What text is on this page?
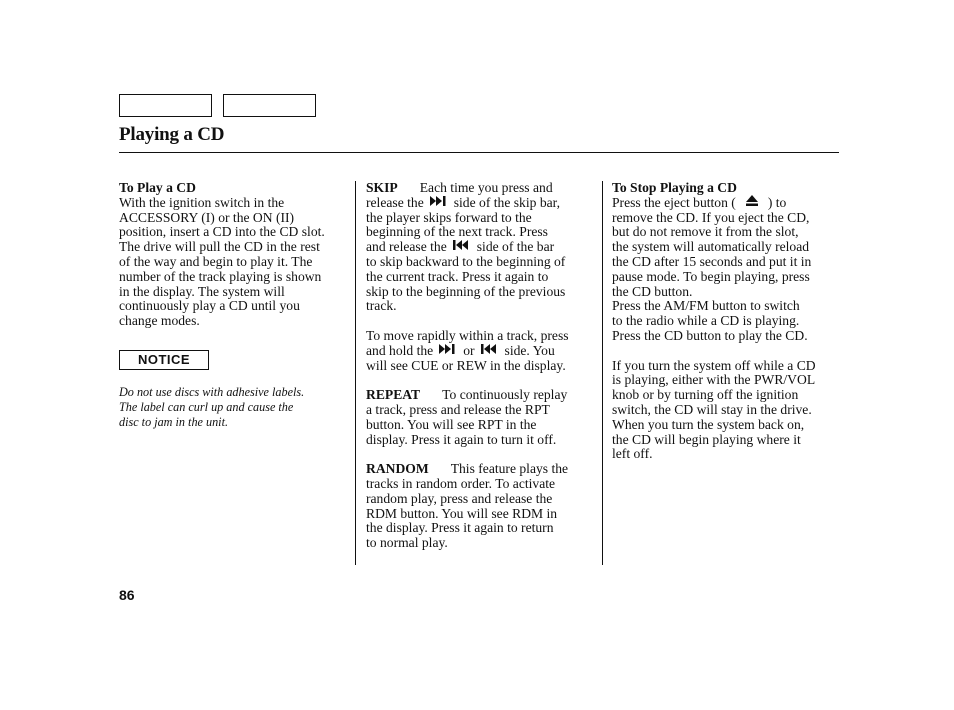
Playing a CD

To Play a CD

With the ignition switch in the

ACCESSORY (I) or the ON (II)

position, insert a CD into the CD slot.

The drive will pull the CD in the rest

of the way and begin to play it. The

number of the track playing is shown

in the display. The system will

continuously play a CD until you

change modes.

NOTICE

Do not use discs with adhesive labels.

The label can curl up and cause the

disc to jam in the unit.

SKIP Each time you press and

release the side of the skip bar,

the player skips forward to the

beginning of the next track. Press

and release the side of the bar

to skip backward to the beginning of

the current track. Press it again to

skip to the beginning of the previous

track.

To move rapidly within a track, press

and hold the or side. You

will see CUE or REW in the display.

REPEAT To continuously replay

a track, press and release the RPT

button. You will see RPT in the

display. Press it again to turn it off.

RANDOM This feature plays the

tracks in random order. To activate

random play, press and release the

RDM button. You will see RDM in

the display. Press it again to return

to normal play.

To Stop Playing a CD

Press the eject button ( ) to

remove the CD. If you eject the CD,

but do not remove it from the slot,

the system will automatically reload

the CD after 15 seconds and put it in

pause mode. To begin playing, press

the CD button.

Press the AM/FM button to switch

to the radio while a CD is playing.

Press the CD button to play the CD.

If you turn the system off while a CD

is playing, either with the PWR/VOL

knob or by turning off the ignition

switch, the CD will stay in the drive.

When you turn the system back on,

the CD will begin playing where it

left off.

86
